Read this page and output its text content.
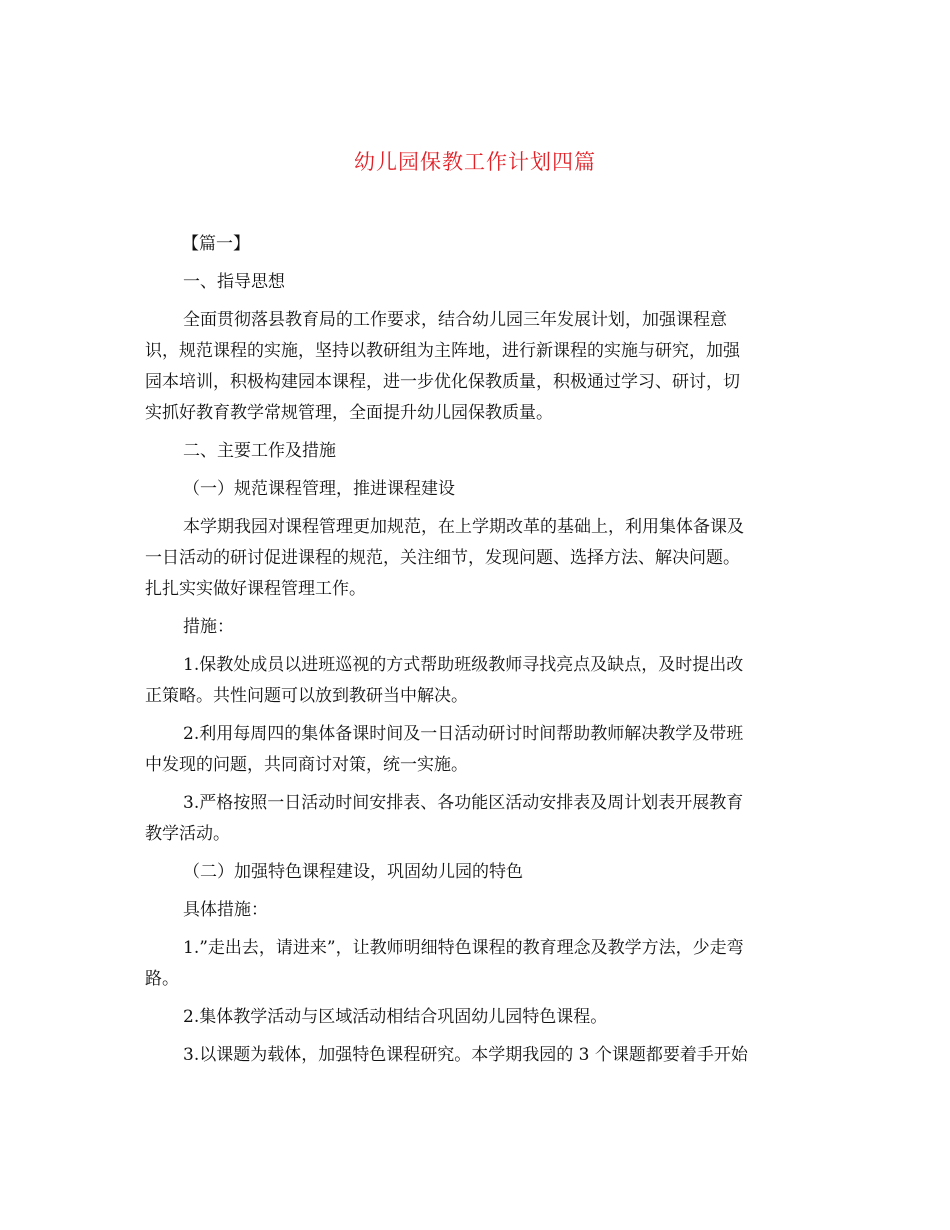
幼儿园保教工作计划四篇
【篇一】
一、指导思想
全面贯彻落县教育局的工作要求，结合幼儿园三年发展计划，加强课程意
识，规范课程的实施，坚持以教研组为主阵地，进行新课程的实施与研究，加强
园本培训，积极构建园本课程，进一步优化保教质量，积极通过学习、研讨，切
实抓好教育教学常规管理，全面提升幼儿园保教质量。
二、主要工作及措施
（一）规范课程管理，推进课程建设
本学期我园对课程管理更加规范，在上学期改革的基础上，利用集体备课及
一日活动的研讨促进课程的规范，关注细节，发现问题、选择方法、解决问题。
扎扎实实做好课程管理工作。
措施：
1.保教处成员以进班巡视的方式帮助班级教师寻找亮点及缺点，及时提出改
正策略。共性问题可以放到教研当中解决。
2.利用每周四的集体备课时间及一日活动研讨时间帮助教师解决教学及带班
中发现的问题，共同商讨对策，统一实施。
3.严格按照一日活动时间安排表、各功能区活动安排表及周计划表开展教育
教学活动。
（二）加强特色课程建设，巩固幼儿园的特色
具体措施：
1.”走出去，请进来”，让教师明细特色课程的教育理念及教学方法，少走弯
路。
2.集体教学活动与区域活动相结合巩固幼儿园特色课程。
3.以课题为载体，加强特色课程研究。本学期我园的 3 个课题都要着手开始
